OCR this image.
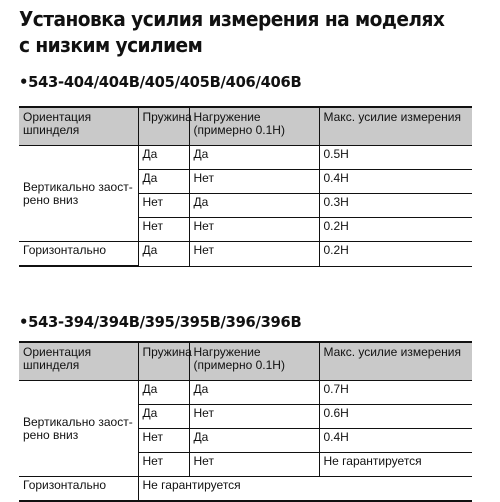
Установка усилия измерения на моделях
с низким усилием
•543-404/404B/405/405B/406/406B
Ориентация шпинделя	Пружина	Нагружение (примерно 0.1Н)	Макс. усилие измерения
Вертикально заострено вниз	Да	Да	0.5Н
	Да	Нет	0.4Н
	Нет	Да	0.3Н
	Нет	Нет	0.2Н
Горизонтально	Да	Нет	0.2Н
•543-394/394B/395/395B/396/396B
Ориентация шпинделя	Пружина	Нагружение (примерно 0.1Н)	Макс. усилие измерения
Вертикально заострено вниз	Да	Да	0.7Н
	Да	Нет	0.6Н
	Нет	Да	0.4Н
	Нет	Нет	Не гарантируется
Горизонтально	Не гарантируется		
